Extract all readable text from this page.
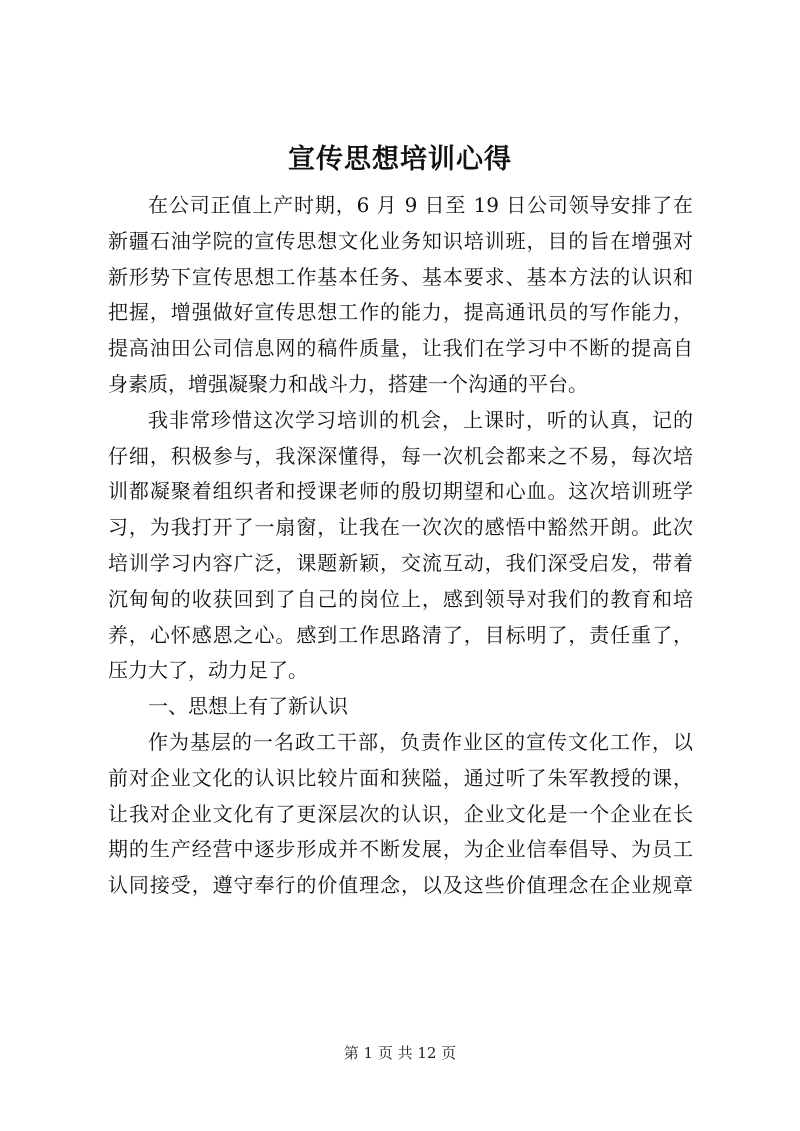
宣传思想培训心得
在公司正值上产时期，6 月 9 日至 19 日公司领导安排了在
新疆石油学院的宣传思想文化业务知识培训班，目的旨在增强对
新形势下宣传思想工作基本任务、基本要求、基本方法的认识和
把握，增强做好宣传思想工作的能力，提高通讯员的写作能力，
提高油田公司信息网的稿件质量，让我们在学习中不断的提高自
身素质，增强凝聚力和战斗力，搭建一个沟通的平台。
我非常珍惜这次学习培训的机会，上课时，听的认真，记的
仔细，积极参与，我深深懂得，每一次机会都来之不易，每次培
训都凝聚着组织者和授课老师的殷切期望和心血。这次培训班学
习，为我打开了一扇窗，让我在一次次的感悟中豁然开朗。此次
培训学习内容广泛，课题新颖，交流互动，我们深受启发，带着
沉甸甸的收获回到了自己的岗位上，感到领导对我们的教育和培
养，心怀感恩之心。感到工作思路清了，目标明了，责任重了，
压力大了，动力足了。
一、思想上有了新认识
作为基层的一名政工干部，负责作业区的宣传文化工作，以
前对企业文化的认识比较片面和狭隘，通过听了朱军教授的课，
让我对企业文化有了更深层次的认识，企业文化是一个企业在长
期的生产经营中逐步形成并不断发展，为企业信奉倡导、为员工
认同接受，遵守奉行的价值理念，以及这些价值理念在企业规章
第 1 页 共 12 页
